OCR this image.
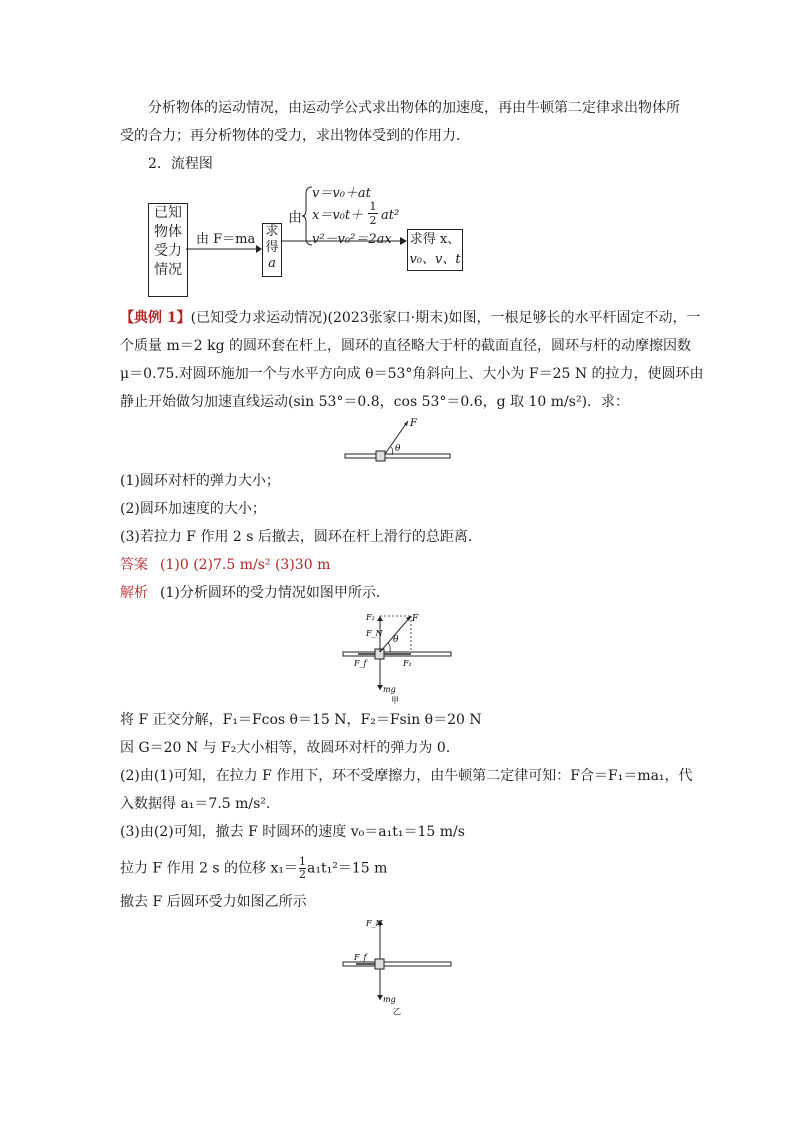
分析物体的运动情况，由运动学公式求出物体的加速度，再由牛顿第二定律求出物体所
受的合力；再分析物体的受力，求出物体受到的作用力．
2．流程图
已知
物体
受力
情况
由 F＝ma
求
得
a
由
v＝v₀＋at
$x=v_0t+ \frac{1}{2} at^2$
v²－v₀²＝2ax 求得 x、
v₀、v、t
【典例 1】(已知受力求运动情况)(2023张家口·期末)如图，一根足够长的水平杆固定不动，一
个质量 m＝2 kg 的圆环套在杆上，圆环的直径略大于杆的截面直径，圆环与杆的动摩擦因数
μ＝0.75.对圆环施加一个与水平方向成 θ＝53°角斜向上、大小为 F＝25 N 的拉力，使圆环由
静止开始做匀加速直线运动(sin 53°＝0.8，cos 53°＝0.6，g 取 10 m/s²)．求：
F
θ
(1)圆环对杆的弹力大小；
(2)圆环加速度的大小；
(3)若拉力 F 作用 2 s 后撤去，圆环在杆上滑行的总距离．
答案 (1)0 (2)7.5 m/s² (3)30 m
解析 (1)分析圆环的受力情况如图甲所示．
F₂	F
F_N
θ
F_f	F₁
mg
甲
将 F 正交分解，F₁＝Fcos θ＝15 N，F₂＝Fsin θ＝20 N
因 G＝20 N 与 F₂大小相等，故圆环对杆的弹力为 0.
(2)由(1)可知，在拉力 F 作用下，环不受摩擦力，由牛顿第二定律可知：F合＝F₁＝ma₁，代
入数据得 a₁＝7.5 m/s².
(3)由(2)可知，撤去 F 时圆环的速度 v₀＝a₁t₁＝15 m/s
拉力 F 作用 2 s 的位移 $x_1= \frac{1}{2} a_1t_1^2=15$ m
撤去 F 后圆环受力如图乙所示
F_N
F_f
mg
乙
